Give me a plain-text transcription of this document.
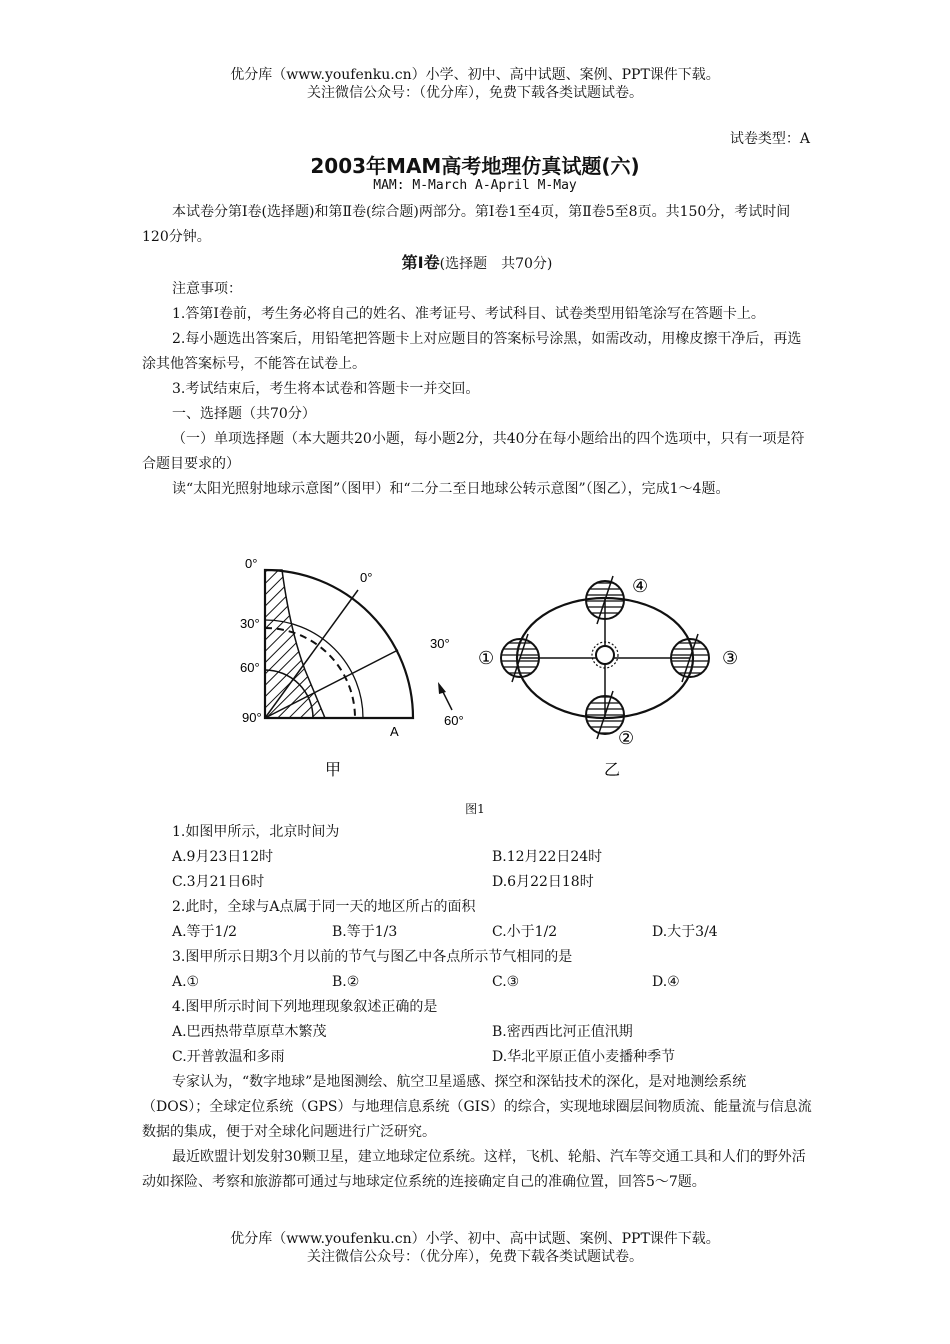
优分库（www.youfenku.cn）小学、初中、高中试题、案例、PPT课件下载。
关注微信公众号：（优分库），免费下载各类试题试卷。
试卷类型：A
2003年MAM高考地理仿真试题(六)
MAM: M-March A-April M-May

本试卷分第Ⅰ卷(选择题)和第Ⅱ卷(综合题)两部分。第Ⅰ卷1至4页，第Ⅱ卷5至8页。共150分，考试时间120分钟。

第Ⅰ卷(选择题　共70分)

注意事项：

1.答第Ⅰ卷前，考生务必将自己的姓名、准考证号、考试科目、试卷类型用铅笔涂写在答题卡上。

2.每小题选出答案后，用铅笔把答题卡上对应题目的答案标号涂黑，如需改动，用橡皮擦干净后，再选涂其他答案标号，不能答在试卷上。

3.考试结束后，考生将本试卷和答题卡一并交回。

一、选择题（共70分）

（一）单项选择题（本大题共20小题，每小题2分，共40分在每小题给出的四个选项中，只有一项是符合题目要求的）

读“太阳光照射地球示意图”（图甲）和“二分二至日地球公转示意图”（图乙），完成1～4题。

0°
30°
60°
90°
0°
30°
60°
A
甲
①
②
③
④
乙
图1

1.如图甲所示，北京时间为

A.9月23日12时	B.12月22日24时
C.3月21日6时	D.6月22日18时

2.此时，全球与A点属于同一天的地区所占的面积

A.等于1/2	B.等于1/3	C.小于1/2	D.大于3/4

3.图甲所示日期3个月以前的节气与图乙中各点所示节气相同的是

A.①	B.②	C.③	D.④

4.图甲所示时间下列地理现象叙述正确的是

A.巴西热带草原草木繁茂	B.密西西比河正值汛期
C.开普敦温和多雨	D.华北平原正值小麦播种季节

专家认为，“数字地球”是地图测绘、航空卫星遥感、探空和深钻技术的深化，是对地测绘系统（DOS）；全球定位系统（GPS）与地理信息系统（GIS）的综合，实现地球圈层间物质流、能量流与信息流数据的集成，便于对全球化问题进行广泛研究。

最近欧盟计划发射30颗卫星，建立地球定位系统。这样，飞机、轮船、汽车等交通工具和人们的野外活动如探险、考察和旅游都可通过与地球定位系统的连接确定自己的准确位置，回答5～7题。

优分库（www.youfenku.cn）小学、初中、高中试题、案例、PPT课件下载。
关注微信公众号：（优分库），免费下载各类试题试卷。
